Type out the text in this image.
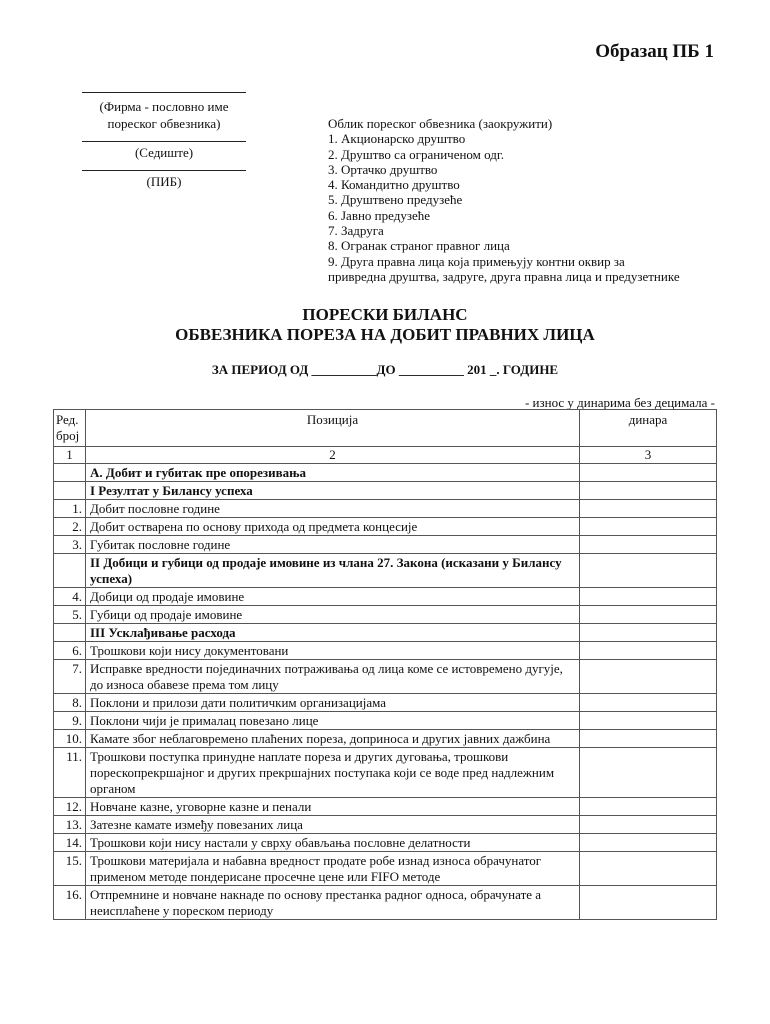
Образац ПБ 1
(Фирма - пословно име
пореског обвезника)
(Седиште)
(ПИБ)
Облик пореског обвезника (заокружити)
1. Акционарско друштво
2. Друштво са ограниченом одг.
3. Ортачко друштво
4. Командитно друштво
5. Друштвено предузеће
6. Јавно предузеће
7. Задруга
8. Огранак страног правног лица
9. Друга правна лица која примењују контни оквир за
привредна друштва, задруге, друга правна лица и предузетнике
ПОРЕСКИ БИЛАНС
ОБВЕЗНИКА ПОРЕЗА НА ДОБИТ ПРАВНИХ ЛИЦА
ЗА ПЕРИОД ОД __________ДО __________ 201 _. ГОДИНЕ
- износ у динарима без децимала -
Ред. број	Позиција	динара
1	2	3
	А. Добит и губитак пре опорезивања	
	I Резултат у Билансу успеха	
1.	Добит пословне године	
2.	Добит остварена по основу прихода од предмета концесије	
3.	Губитак пословне године	
	II Добици и губици од продаје имовине из члана 27. Закона (исказани у Билансу успеха)	
4.	Добици од продаје имовине	
5.	Губици од продаје имовине	
	III Усклађивање расхода	
6.	Трошкови који нису документовани	
7.	Исправке вредности појединачних потраживања од лица коме се истовремено дугује, до износа обавезе према том лицу	
8.	Поклони и прилози дати политичким организацијама	
9.	Поклони чији је прималац повезано лице	
10.	Камате због неблаговремено плаћених пореза, доприноса и других јавних дажбина	
11.	Трошкови поступка принудне наплате пореза и других дуговања, трошкови порескопрекршајног и других прекршајних поступака који се воде пред надлежним органом	
12.	Новчане казне, уговорне казне и пенали	
13.	Затезне камате између повезаних лица	
14.	Трошкови који нису настали у сврху обављања пословне делатности	
15.	Трошкови материјала и набавна вредност продате робе изнад износа обрачунатог применом методе пондерисане просечне цене или FIFO методе	
16.	Отпремнине и новчане накнаде по основу престанка радног односа, обрачунате а неисплаћене у пореском периоду	
